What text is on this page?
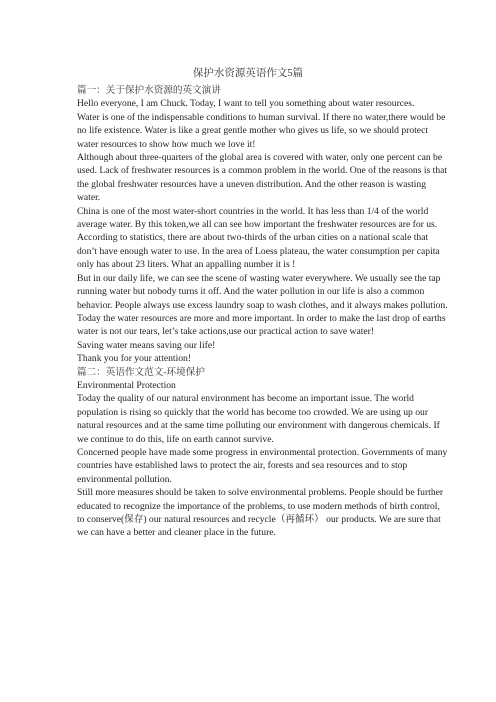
保护水资源英语作文5篇

篇一：关于保护水资源的英文演讲

Hello everyone, I am Chuck. Today, I want to tell you something about water resources.

Water is one of the indispensable conditions to human survival. If there no water,there would be no life existence. Water is like a great gentle mother who gives us life, so we should protect water resources to show how much we love it!

Although about three-quarters of the global area is covered with water, only one percent can be used. Lack of freshwater resources is a common problem in the world. One of the reasons is that the global freshwater resources have a uneven distribution. And the other reason is wasting water.

China is one of the most water-short countries in the world. It has less than 1/4 of the world average water. By this token,we all can see how important the freshwater resources are for us. According to statistics, there are about two-thirds of the urban cities on a national scale that don’t have enough water to use. In the area of Loess plateau, the water consumption per capita only has about 23 liters. What an appalling number it is !

But in our daily life, we can see the scene of wasting water everywhere. We usually see the tap running water but nobody turns it off. And the water pollution in our life is also a common behavior. People always use excess laundry soap to wash clothes, and it always makes pollution.

Today the water resources are more and more important. In order to make the last drop of earths water is not our tears, let’s take actions,use our practical action to save water!

Saving water means saving our life!

Thank you for your attention!

篇二：英语作文范文-环境保护

Environmental Protection

Today the quality of our natural environment has become an important issue. The world population is rising so quickly that the world has become too crowded. We are using up our natural resources and at the same time polluting our environment with dangerous chemicals. If we continue to do this, life on earth cannot survive.

Concerned people have made some progress in environmental protection. Governments of many countries have established laws to protect the air, forests and sea resources and to stop environmental pollution.

Still more measures should be taken to solve environmental problems. People should be further educated to recognize the importance of the problems, to use modern methods of birth control, to conserve(保存) our natural resources and recycle（再循环） our products. We are sure that we can have a better and cleaner place in the future.
